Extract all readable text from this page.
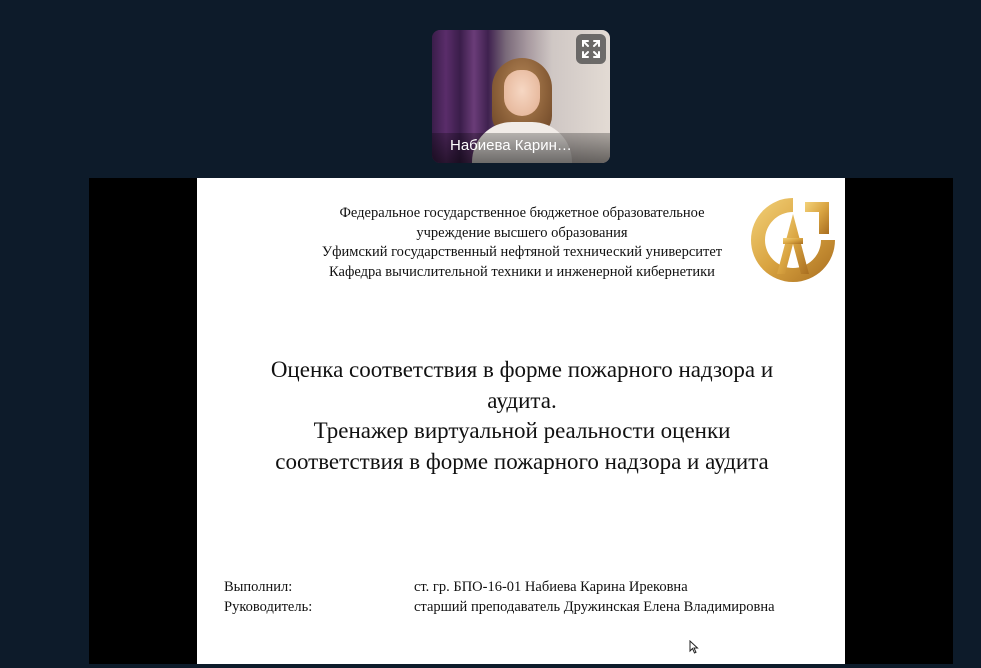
Набиева Карин…
Федеральное государственное бюджетное образовательное
учреждение высшего образования
Уфимский государственный нефтяной технический университет
Кафедра вычислительной техники и инженерной кибернетики
Оценка соответствия в форме пожарного надзора и
аудита.
Тренажер виртуальной реальности оценки
соответствия в форме пожарного надзора и аудита
Выполнил:	ст. гр. БПО-16-01 Набиева Карина Ирековна
Руководитель:	старший преподаватель Дружинская Елена Владимировна
